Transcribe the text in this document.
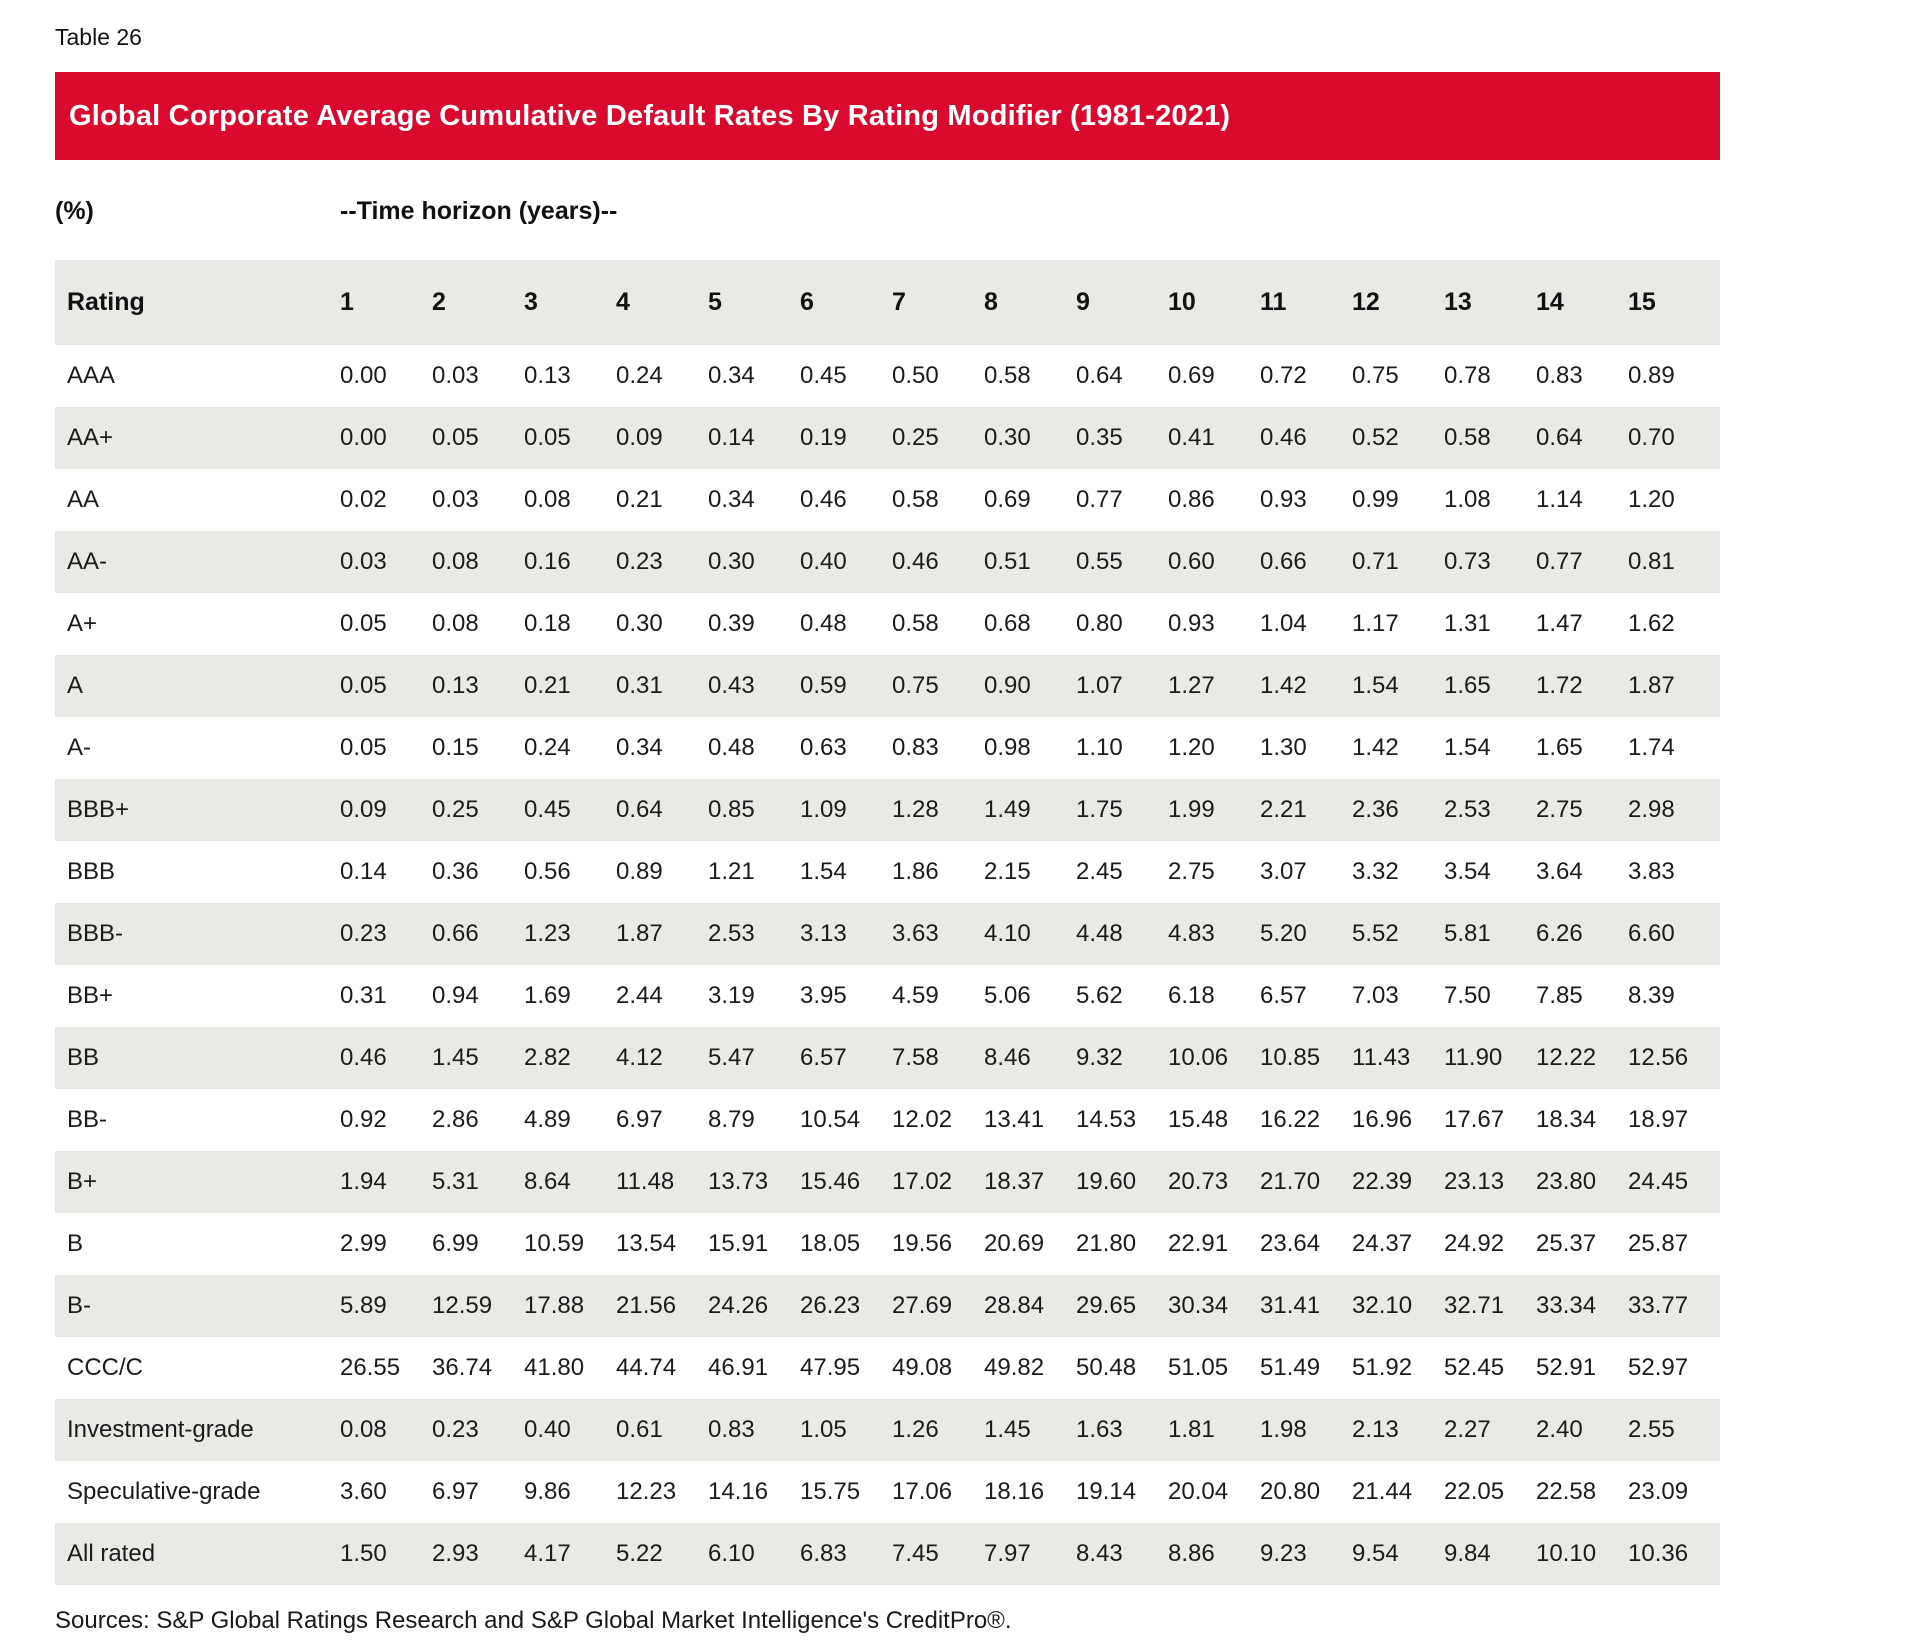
Table 26
Global Corporate Average Cumulative Default Rates By Rating Modifier (1981-2021)
(%)	--Time horizon (years)--
Rating	1	2	3	4	5	6	7	8	9	10	11	12	13	14	15
AAA	0.00	0.03	0.13	0.24	0.34	0.45	0.50	0.58	0.64	0.69	0.72	0.75	0.78	0.83	0.89
AA+	0.00	0.05	0.05	0.09	0.14	0.19	0.25	0.30	0.35	0.41	0.46	0.52	0.58	0.64	0.70
AA	0.02	0.03	0.08	0.21	0.34	0.46	0.58	0.69	0.77	0.86	0.93	0.99	1.08	1.14	1.20
AA-	0.03	0.08	0.16	0.23	0.30	0.40	0.46	0.51	0.55	0.60	0.66	0.71	0.73	0.77	0.81
A+	0.05	0.08	0.18	0.30	0.39	0.48	0.58	0.68	0.80	0.93	1.04	1.17	1.31	1.47	1.62
A	0.05	0.13	0.21	0.31	0.43	0.59	0.75	0.90	1.07	1.27	1.42	1.54	1.65	1.72	1.87
A-	0.05	0.15	0.24	0.34	0.48	0.63	0.83	0.98	1.10	1.20	1.30	1.42	1.54	1.65	1.74
BBB+	0.09	0.25	0.45	0.64	0.85	1.09	1.28	1.49	1.75	1.99	2.21	2.36	2.53	2.75	2.98
BBB	0.14	0.36	0.56	0.89	1.21	1.54	1.86	2.15	2.45	2.75	3.07	3.32	3.54	3.64	3.83
BBB-	0.23	0.66	1.23	1.87	2.53	3.13	3.63	4.10	4.48	4.83	5.20	5.52	5.81	6.26	6.60
BB+	0.31	0.94	1.69	2.44	3.19	3.95	4.59	5.06	5.62	6.18	6.57	7.03	7.50	7.85	8.39
BB	0.46	1.45	2.82	4.12	5.47	6.57	7.58	8.46	9.32	10.06	10.85	11.43	11.90	12.22	12.56
BB-	0.92	2.86	4.89	6.97	8.79	10.54	12.02	13.41	14.53	15.48	16.22	16.96	17.67	18.34	18.97
B+	1.94	5.31	8.64	11.48	13.73	15.46	17.02	18.37	19.60	20.73	21.70	22.39	23.13	23.80	24.45
B	2.99	6.99	10.59	13.54	15.91	18.05	19.56	20.69	21.80	22.91	23.64	24.37	24.92	25.37	25.87
B-	5.89	12.59	17.88	21.56	24.26	26.23	27.69	28.84	29.65	30.34	31.41	32.10	32.71	33.34	33.77
CCC/C	26.55	36.74	41.80	44.74	46.91	47.95	49.08	49.82	50.48	51.05	51.49	51.92	52.45	52.91	52.97
Investment-grade	0.08	0.23	0.40	0.61	0.83	1.05	1.26	1.45	1.63	1.81	1.98	2.13	2.27	2.40	2.55
Speculative-grade	3.60	6.97	9.86	12.23	14.16	15.75	17.06	18.16	19.14	20.04	20.80	21.44	22.05	22.58	23.09
All rated	1.50	2.93	4.17	5.22	6.10	6.83	7.45	7.97	8.43	8.86	9.23	9.54	9.84	10.10	10.36
Sources: S&P Global Ratings Research and S&P Global Market Intelligence's CreditPro®.
